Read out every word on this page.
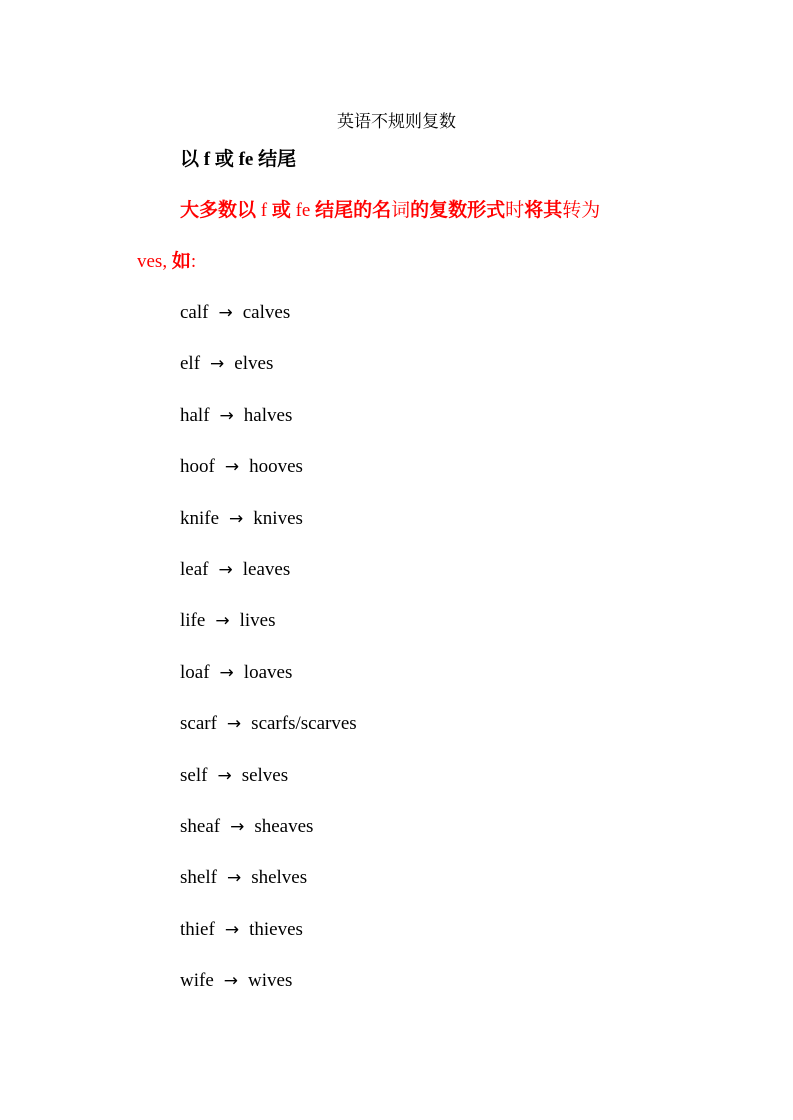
英语不规则复数
以 f 或 fe 结尾
大多数以 f 或 fe 结尾的名词的复数形式时将其转为
ves, 如:
calf → calves
elf → elves
half → halves
hoof → hooves
knife → knives
leaf → leaves
life → lives
loaf → loaves
scarf → scarfs/scarves
self → selves
sheaf → sheaves
shelf → shelves
thief → thieves
wife → wives
